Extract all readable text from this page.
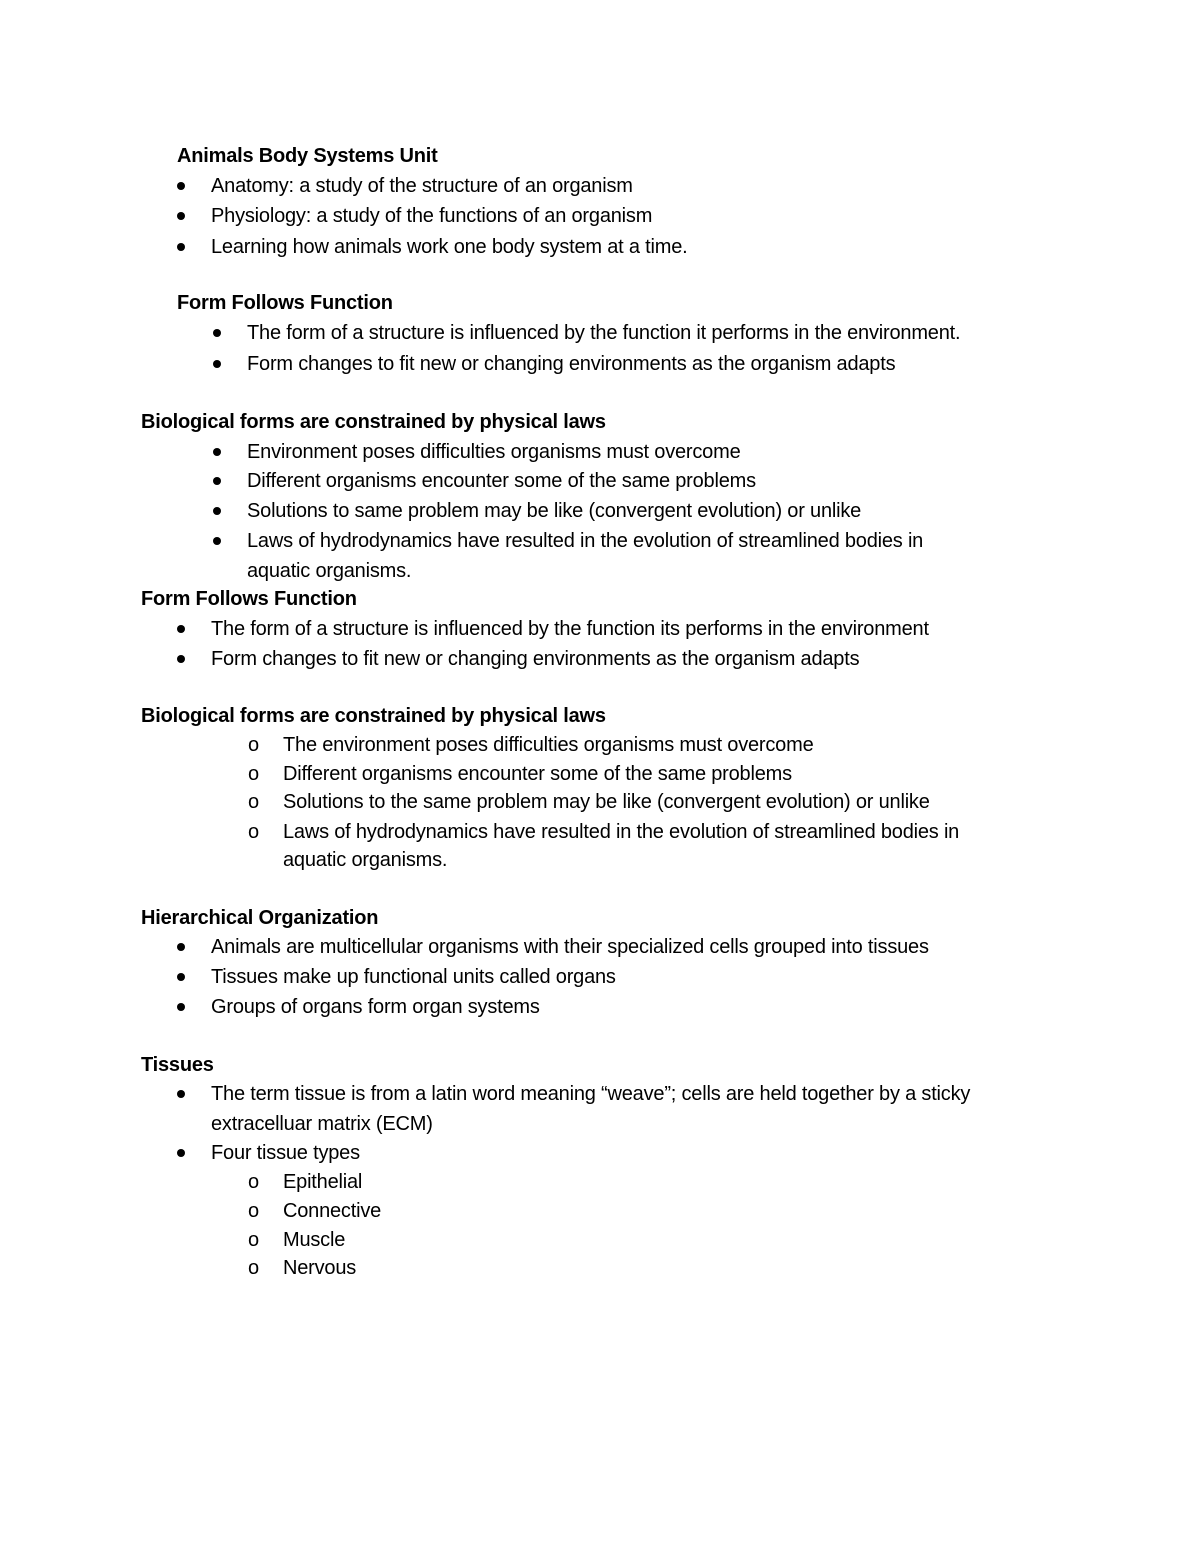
Animals Body Systems Unit
Anatomy: a study of the structure of an organism
Physiology: a study of the functions of an organism
Learning how animals work one body system at a time.
Form Follows Function
The form of a structure is influenced by the function it performs in the environment.
Form changes to fit new or changing environments as the organism adapts
Biological forms are constrained by physical laws
Environment poses difficulties organisms must overcome
Different organisms encounter some of the same problems
Solutions to same problem may be like (convergent evolution) or unlike
Laws of hydrodynamics have resulted in the evolution of streamlined bodies in
aquatic organisms.
Form Follows Function
The form of a structure is influenced by the function its performs in the environment
Form changes to fit new or changing environments as the organism adapts
Biological forms are constrained by physical laws
o The environment poses difficulties organisms must overcome
o Different organisms encounter some of the same problems
o Solutions to the same problem may be like (convergent evolution) or unlike
o Laws of hydrodynamics have resulted in the evolution of streamlined bodies in
aquatic organisms.
Hierarchical Organization
Animals are multicellular organisms with their specialized cells grouped into tissues
Tissues make up functional units called organs
Groups of organs form organ systems
Tissues
The term tissue is from a latin word meaning “weave”; cells are held together by a sticky
extracelluar matrix (ECM)
Four tissue types
o Epithelial
o Connective
o Muscle
o Nervous
